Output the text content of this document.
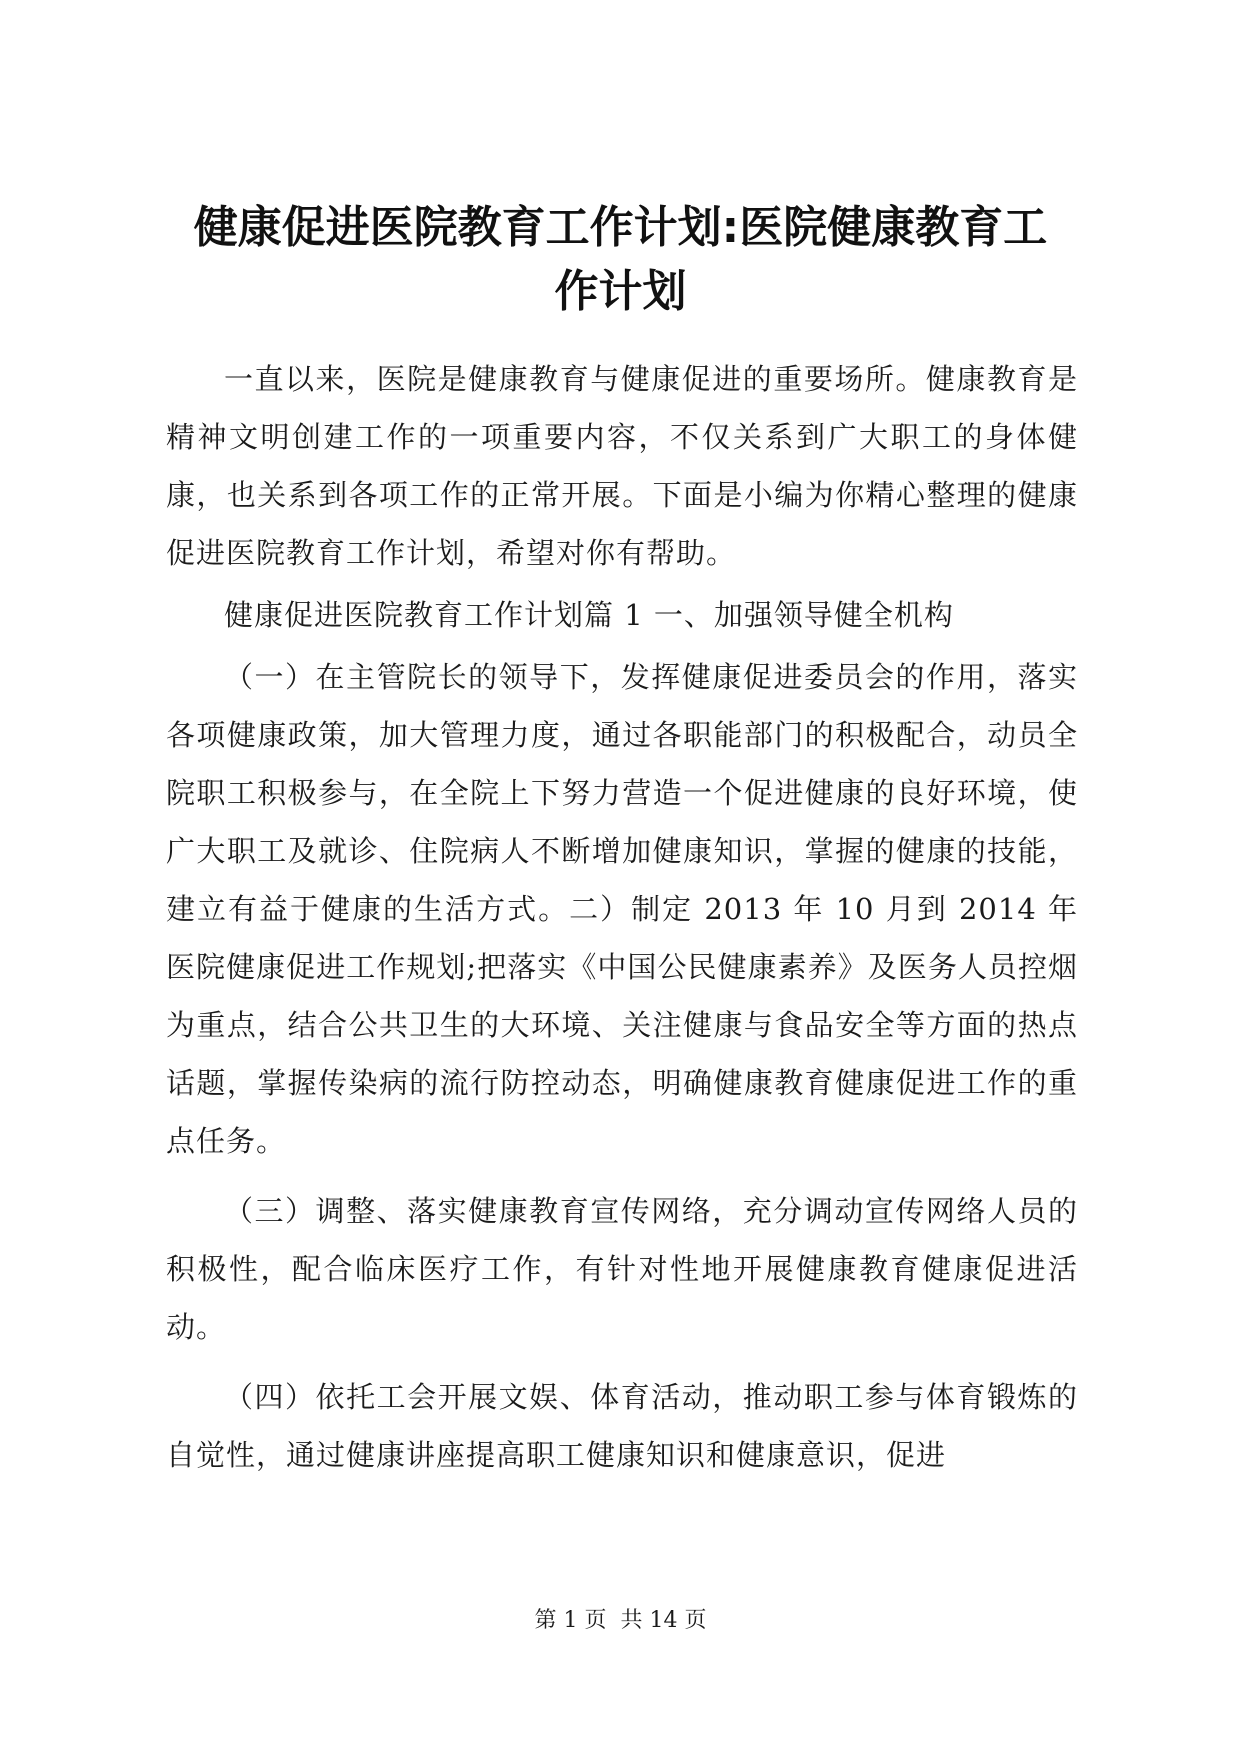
健康促进医院教育工作计划:医院健康教育工
作计划

一直以来，医院是健康教育与健康促进的重要场所。健康教育是精神文明创建工作的一项重要内容，不仅关系到广大职工的身体健康，也关系到各项工作的正常开展。下面是小编为你精心整理的健康促进医院教育工作计划，希望对你有帮助。

健康促进医院教育工作计划篇 1 一、加强领导健全机构

（一）在主管院长的领导下，发挥健康促进委员会的作用，落实各项健康政策，加大管理力度，通过各职能部门的积极配合，动员全院职工积极参与，在全院上下努力营造一个促进健康的良好环境，使广大职工及就诊、住院病人不断增加健康知识，掌握的健康的技能，建立有益于健康的生活方式。二）制定 2013 年 10 月到 2014 年医院健康促进工作规划;把落实《中国公民健康素养》及医务人员控烟为重点，结合公共卫生的大环境、关注健康与食品安全等方面的热点话题，掌握传染病的流行防控动态，明确健康教育健康促进工作的重点任务。

（三）调整、落实健康教育宣传网络，充分调动宣传网络人员的积极性，配合临床医疗工作，有针对性地开展健康教育健康促进活动。

（四）依托工会开展文娱、体育活动，推动职工参与体育锻炼的自觉性，通过健康讲座提高职工健康知识和健康意识，促进

第 1 页  共 14 页
